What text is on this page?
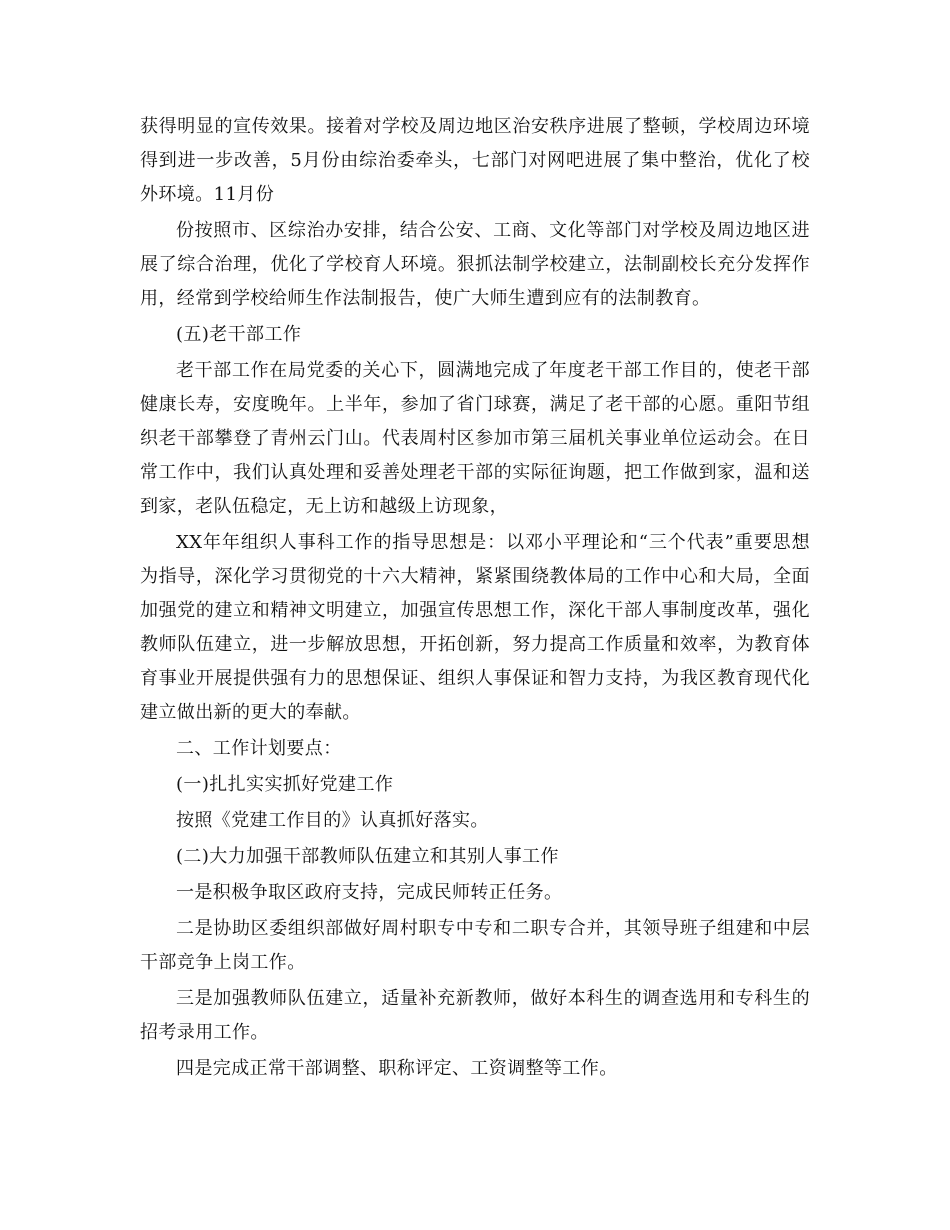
获得明显的宣传效果。接着对学校及周边地区治安秩序进展了整顿，学校周边环境得到进一步改善，5月份由综治委牵头，七部门对网吧进展了集中整治，优化了校外环境。11月份

份按照市、区综治办安排，结合公安、工商、文化等部门对学校及周边地区进展了综合治理，优化了学校育人环境。狠抓法制学校建立，法制副校长充分发挥作用，经常到学校给师生作法制报告，使广大师生遭到应有的法制教育。

(五)老干部工作

老干部工作在局党委的关心下，圆满地完成了年度老干部工作目的，使老干部健康长寿，安度晚年。上半年，参加了省门球赛，满足了老干部的心愿。重阳节组织老干部攀登了青州云门山。代表周村区参加市第三届机关事业单位运动会。在日常工作中，我们认真处理和妥善处理老干部的实际征询题，把工作做到家，温和送到家，老队伍稳定，无上访和越级上访现象，

XX年年组织人事科工作的指导思想是：以邓小平理论和“三个代表”重要思想为指导，深化学习贯彻党的十六大精神，紧紧围绕教体局的工作中心和大局，全面加强党的建立和精神文明建立，加强宣传思想工作，深化干部人事制度改革，强化教师队伍建立，进一步解放思想，开拓创新，努力提高工作质量和效率，为教育体育事业开展提供强有力的思想保证、组织人事保证和智力支持，为我区教育现代化建立做出新的更大的奉献。

二、工作计划要点：

(一)扎扎实实抓好党建工作

按照《党建工作目的》认真抓好落实。

(二)大力加强干部教师队伍建立和其别人事工作

一是积极争取区政府支持，完成民师转正任务。

二是协助区委组织部做好周村职专中专和二职专合并，其领导班子组建和中层干部竞争上岗工作。

三是加强教师队伍建立，适量补充新教师，做好本科生的调查选用和专科生的招考录用工作。

四是完成正常干部调整、职称评定、工资调整等工作。
